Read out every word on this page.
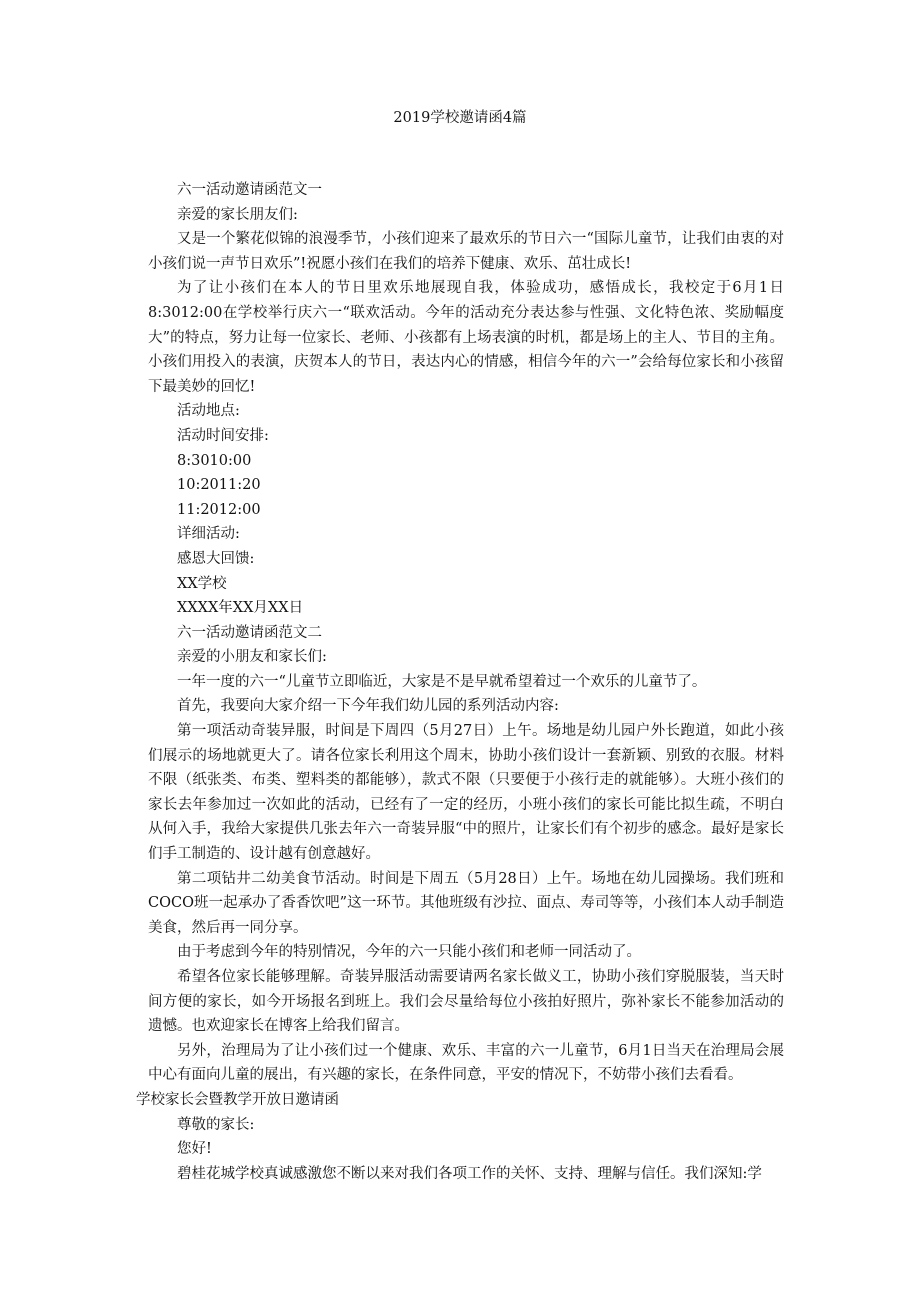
2019学校邀请函4篇

六一活动邀请函范文一

亲爱的家长朋友们:

又是一个繁花似锦的浪漫季节，小孩们迎来了最欢乐的节日六一“国际儿童节，让我们由衷的对小孩们说一声节日欢乐”!祝愿小孩们在我们的培养下健康、欢乐、茁壮成长!

为了让小孩们在本人的节日里欢乐地展现自我，体验成功，感悟成长，我校定于6月1日8:3012:00在学校举行庆六一“联欢活动。今年的活动充分表达参与性强、文化特色浓、奖励幅度大”的特点，努力让每一位家长、老师、小孩都有上场表演的时机，都是场上的主人、节目的主角。小孩们用投入的表演，庆贺本人的节日，表达内心的情感，相信今年的六一”会给每位家长和小孩留下最美妙的回忆!

活动地点:

活动时间安排:

8:3010:00

10:2011:20

11:2012:00

详细活动:

感恩大回馈:

XX学校

XXXX年XX月XX日

六一活动邀请函范文二

亲爱的小朋友和家长们:

一年一度的六一“儿童节立即临近，大家是不是早就希望着过一个欢乐的儿童节了。

首先，我要向大家介绍一下今年我们幼儿园的系列活动内容:

第一项活动奇装异服，时间是下周四（5月27日）上午。场地是幼儿园户外长跑道，如此小孩们展示的场地就更大了。请各位家长利用这个周末，协助小孩们设计一套新颖、别致的衣服。材料不限（纸张类、布类、塑料类的都能够），款式不限（只要便于小孩行走的就能够）。大班小孩们的家长去年参加过一次如此的活动，已经有了一定的经历，小班小孩们的家长可能比拟生疏，不明白从何入手，我给大家提供几张去年六一奇装异服“中的照片，让家长们有个初步的感念。最好是家长们手工制造的、设计越有创意越好。

第二项钻井二幼美食节活动。时间是下周五（5月28日）上午。场地在幼儿园操场。我们班和COCO班一起承办了香香饮吧”这一环节。其他班级有沙拉、面点、寿司等等，小孩们本人动手制造美食，然后再一同分享。

由于考虑到今年的特别情况，今年的六一只能小孩们和老师一同活动了。

希望各位家长能够理解。奇装异服活动需要请两名家长做义工，协助小孩们穿脱服装，当天时间方便的家长，如今开场报名到班上。我们会尽量给每位小孩拍好照片，弥补家长不能参加活动的遗憾。也欢迎家长在博客上给我们留言。

另外，治理局为了让小孩们过一个健康、欢乐、丰富的六一儿童节，6月1日当天在治理局会展中心有面向儿童的展出，有兴趣的家长，在条件同意，平安的情况下，不妨带小孩们去看看。

学校家长会暨教学开放日邀请函

尊敬的家长:

您好!

碧桂花城学校真诚感激您不断以来对我们各项工作的关怀、支持、理解与信任。我们深知:学
